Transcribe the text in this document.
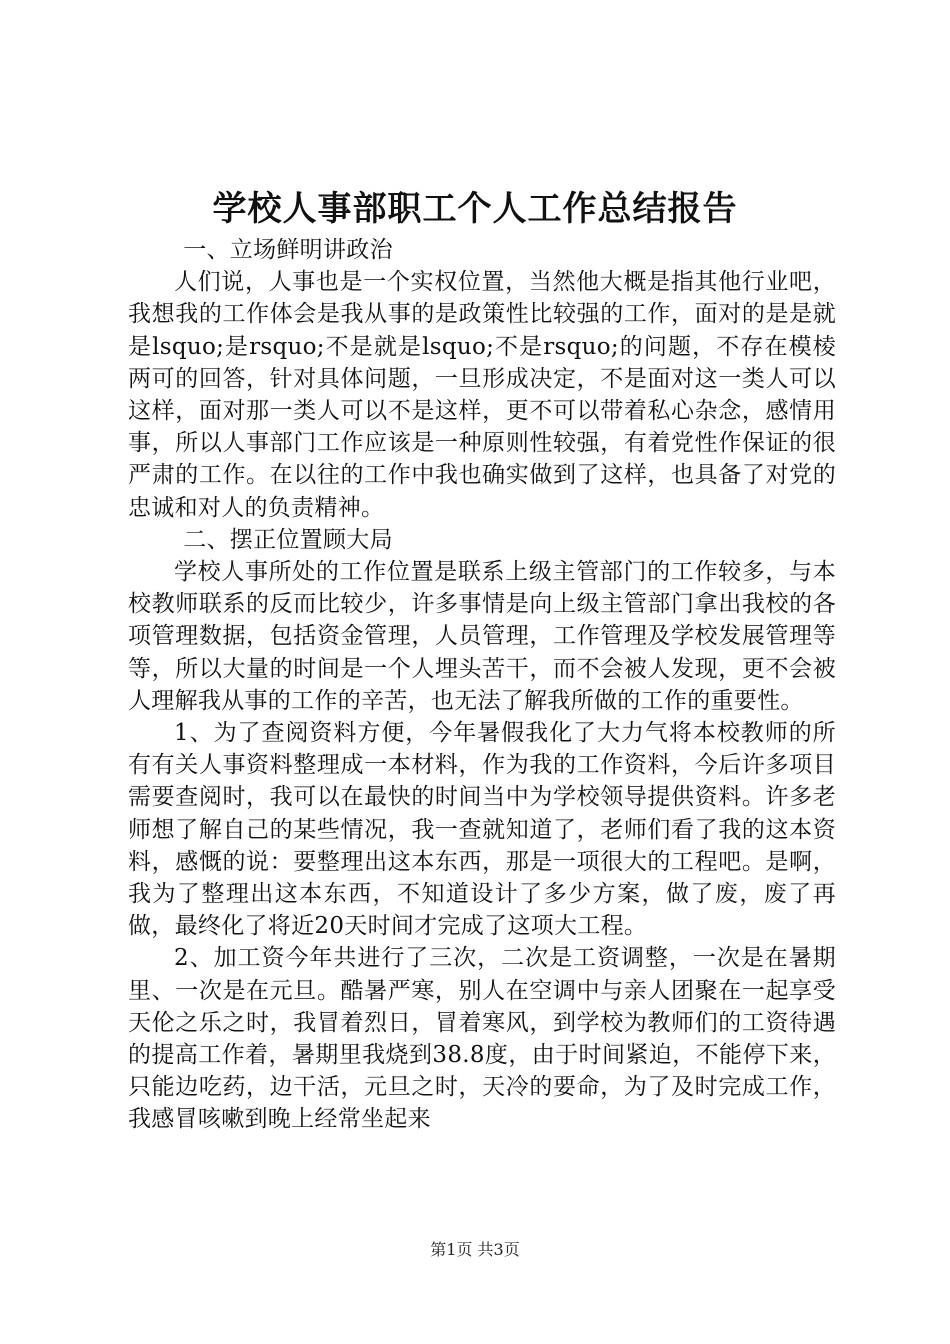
学校人事部职工个人工作总结报告

一、立场鲜明讲政治

人们说，人事也是一个实权位置，当然他大概是指其他行业吧，我想我的工作体会是我从事的是政策性比较强的工作，面对的是是就是lsquo;是rsquo;不是就是lsquo;不是rsquo;的问题，不存在模棱两可的回答，针对具体问题，一旦形成决定，不是面对这一类人可以这样，面对那一类人可以不是这样，更不可以带着私心杂念，感情用事，所以人事部门工作应该是一种原则性较强，有着党性作保证的很严肃的工作。在以往的工作中我也确实做到了这样，也具备了对党的忠诚和对人的负责精神。

二、摆正位置顾大局

学校人事所处的工作位置是联系上级主管部门的工作较多，与本校教师联系的反而比较少，许多事情是向上级主管部门拿出我校的各项管理数据，包括资金管理，人员管理，工作管理及学校发展管理等等，所以大量的时间是一个人埋头苦干，而不会被人发现，更不会被人理解我从事的工作的辛苦，也无法了解我所做的工作的重要性。

1、为了查阅资料方便，今年暑假我化了大力气将本校教师的所有有关人事资料整理成一本材料，作为我的工作资料，今后许多项目需要查阅时，我可以在最快的时间当中为学校领导提供资料。许多老师想了解自己的某些情况，我一查就知道了，老师们看了我的这本资料，感慨的说：要整理出这本东西，那是一项很大的工程吧。是啊，我为了整理出这本东西，不知道设计了多少方案，做了废，废了再做，最终化了将近20天时间才完成了这项大工程。

2、加工资今年共进行了三次，二次是工资调整，一次是在暑期里、一次是在元旦。酷暑严寒，别人在空调中与亲人团聚在一起享受天伦之乐之时，我冒着烈日，冒着寒风，到学校为教师们的工资待遇的提高工作着，暑期里我烧到38.8度，由于时间紧迫，不能停下来，只能边吃药，边干活，元旦之时，天冷的要命，为了及时完成工作，我感冒咳嗽到晚上经常坐起来

第1页 共3页
